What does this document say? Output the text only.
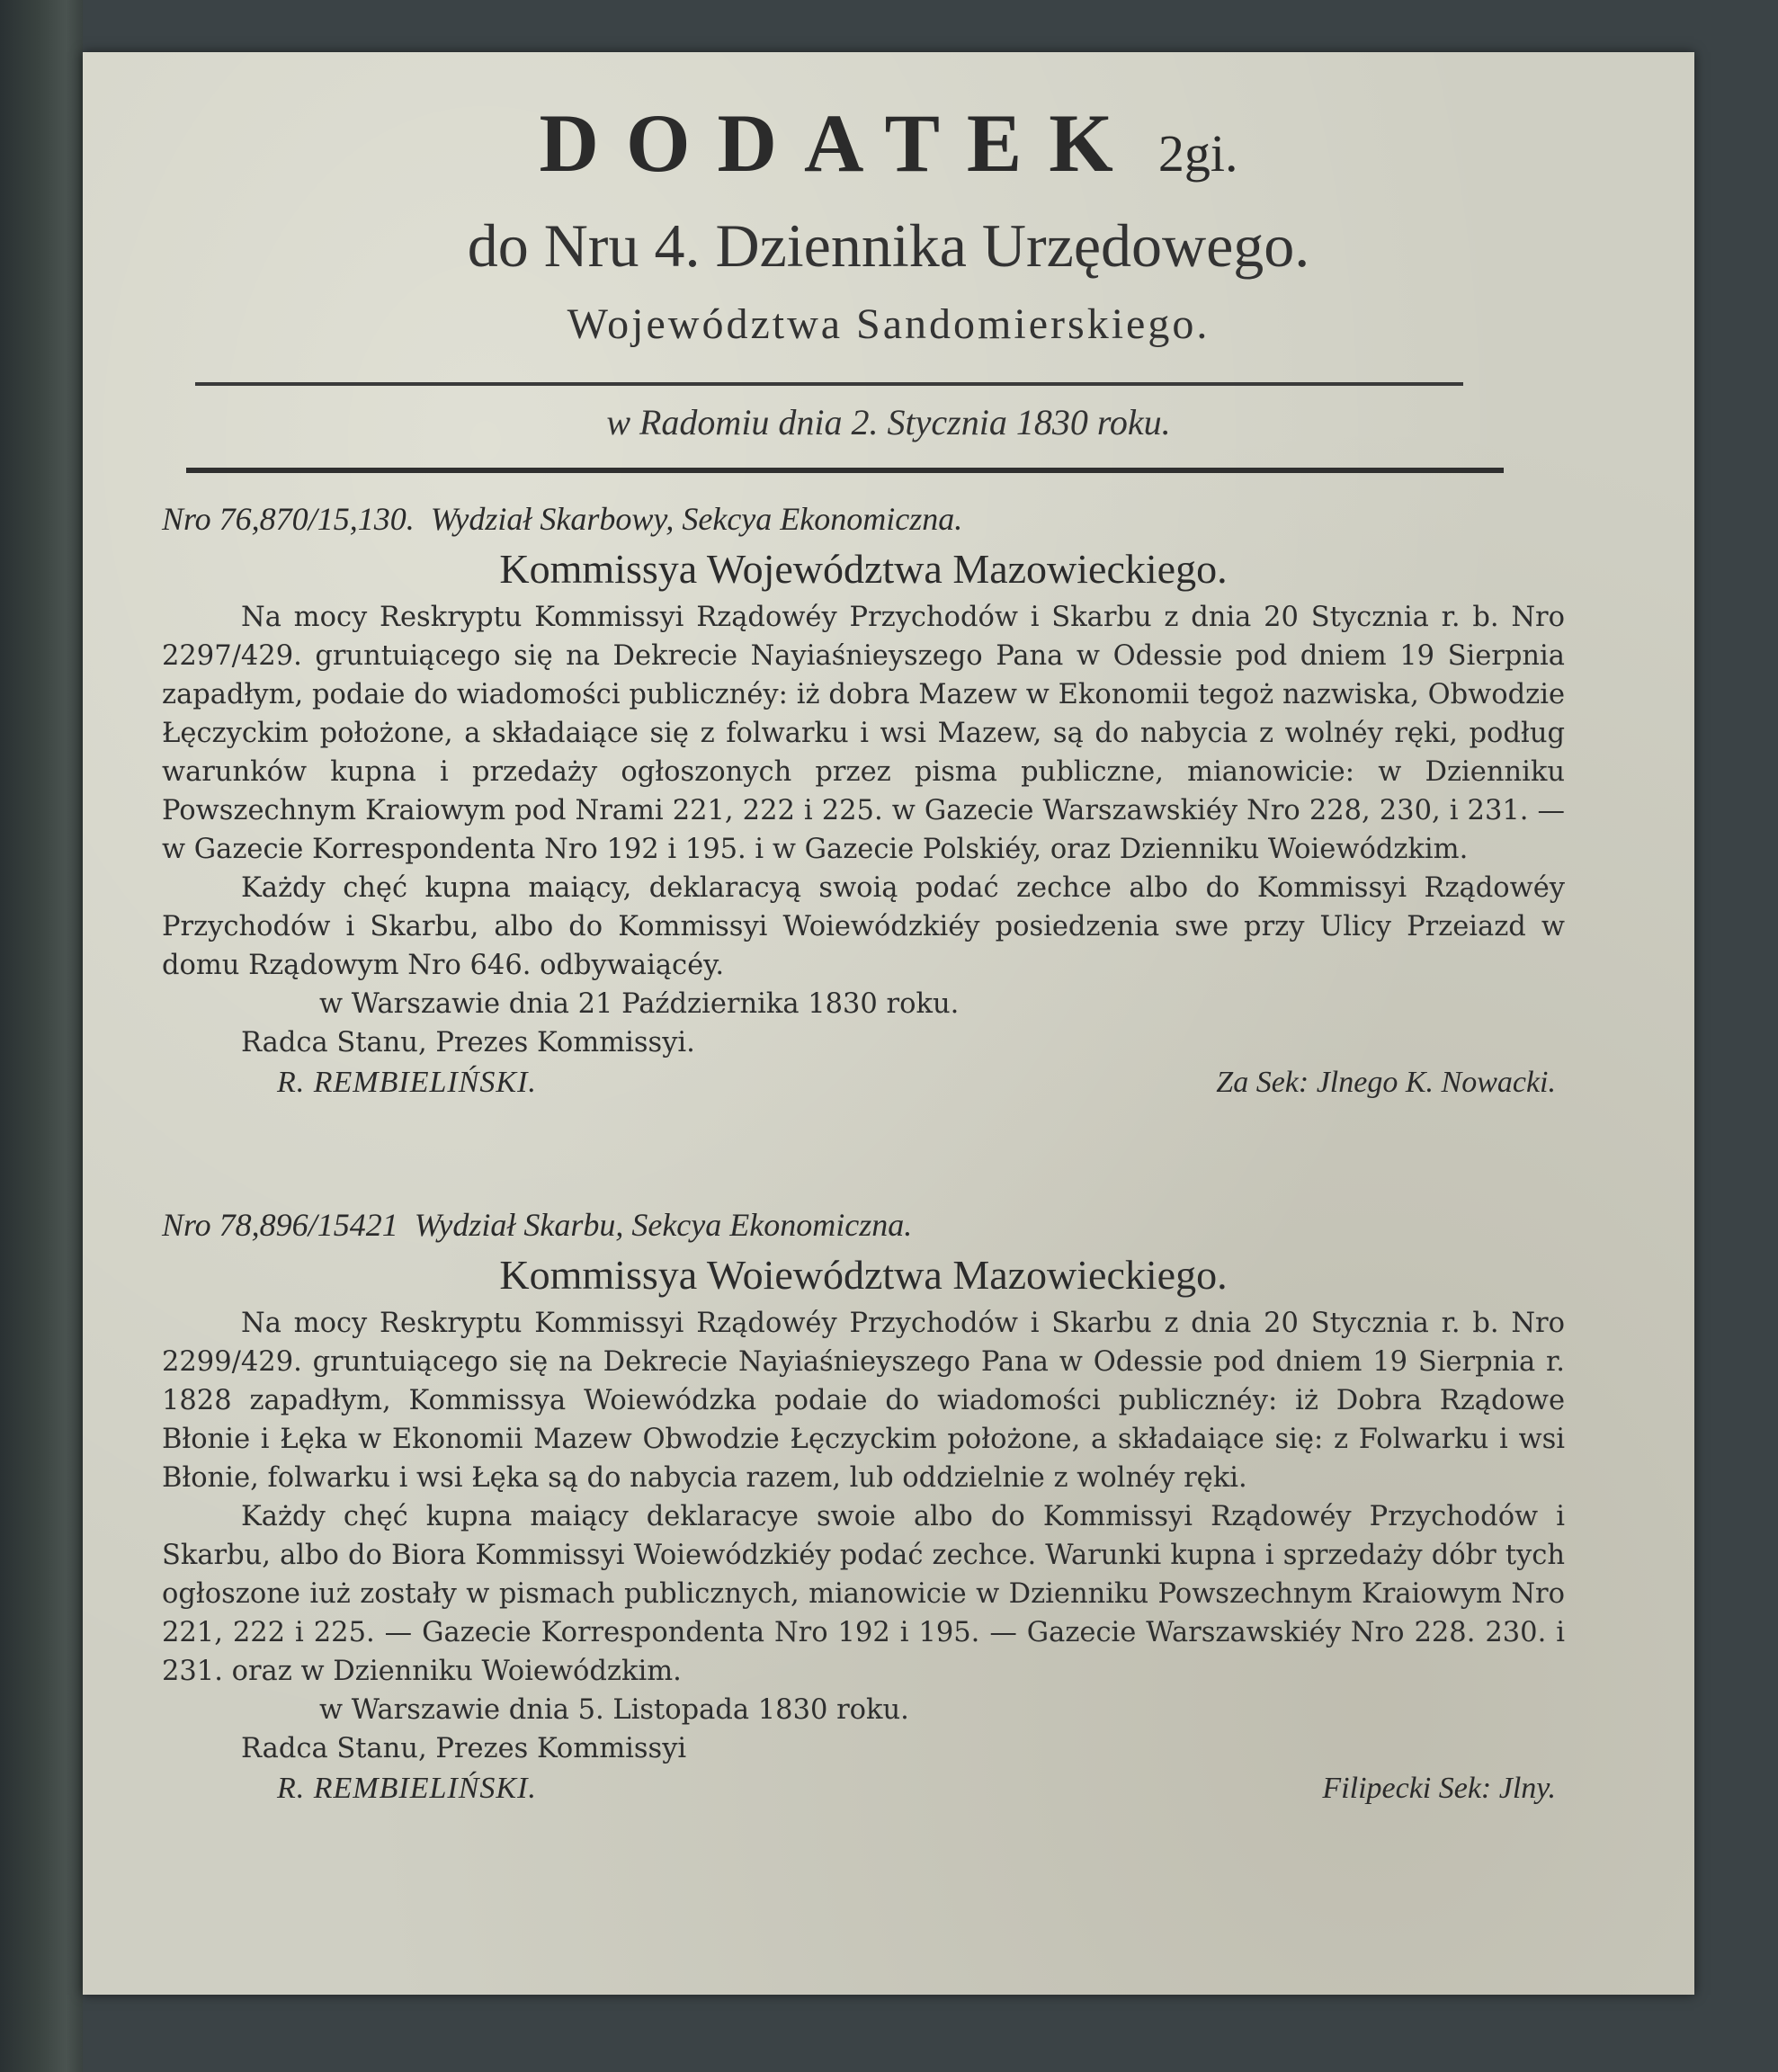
DODATEK 2gi.
do Nru 4. Dziennika Urzędowego.
Województwa Sandomierskiego.
w Radomiu dnia 2. Stycznia 1830 roku.
Nro 76,870/15,130. Wydział Skarbowy, Sekcya Ekonomiczna.
Kommissya Województwa Mazowieckiego.

Na mocy Reskryptu Kommissyi Rządowéy Przychodów i Skarbu z dnia 20 Stycznia r. b. Nro 2297/429. gruntuiącego się na Dekrecie Nayiaśnieyszego Pana w Odessie pod dniem 19 Sierpnia zapadłym, podaie do wiadomości publicznéy: iż dobra Mazew w Ekonomii tegoż nazwiska, Obwodzie Łęczyckim położone, a składaiące się z folwarku i wsi Mazew, są do nabycia z wolnéy ręki, podług warunków kupna i przedaży ogłoszonych przez pisma publiczne, mianowicie: w Dzienniku Powszechnym Kraiowym pod Nrami 221, 222 i 225. w Gazecie Warszawskiéy Nro 228, 230, i 231. — w Gazecie Korrespondenta Nro 192 i 195. i w Gazecie Polskiéy, oraz Dzienniku Woiewódzkim.

Każdy chęć kupna maiący, deklaracyą swoią podać zechce albo do Kommissyi Rządowéy Przychodów i Skarbu, albo do Kommissyi Woiewódzkiéy posiedzenia swe przy Ulicy Przeiazd w domu Rządowym Nro 646. odbywaiącéy.

w Warszawie dnia 21 Października 1830 roku.
Radca Stanu, Prezes Kommissyi.
R. REMBIELIŃSKI.	Za Sek: Jlnego K. Nowacki.
Nro 78,896/15421 Wydział Skarbu, Sekcya Ekonomiczna.
Kommissya Woiewództwa Mazowieckiego.

Na mocy Reskryptu Kommissyi Rządowéy Przychodów i Skarbu z dnia 20 Stycznia r. b. Nro 2299/429. gruntuiącego się na Dekrecie Nayiaśnieyszego Pana w Odessie pod dniem 19 Sierpnia r. 1828 zapadłym, Kommissya Woiewódzka podaie do wiadomości publicznéy: iż Dobra Rządowe Błonie i Łęka w Ekonomii Mazew Obwodzie Łęczyckim położone, a składaiące się: z Folwarku i wsi Błonie, folwarku i wsi Łęka są do nabycia razem, lub oddzielnie z wolnéy ręki.

Każdy chęć kupna maiący deklaracye swoie albo do Kommissyi Rządowéy Przychodów i Skarbu, albo do Biora Kommissyi Woiewódzkiéy podać zechce. Warunki kupna i sprzedaży dóbr tych ogłoszone iuż zostały w pismach publicznych, mianowicie w Dzienniku Powszechnym Kraiowym Nro 221, 222 i 225. — Gazecie Korrespondenta Nro 192 i 195. — Gazecie Warszawskiéy Nro 228. 230. i 231. oraz w Dzienniku Woiewódzkim.

w Warszawie dnia 5. Listopada 1830 roku.
Radca Stanu, Prezes Kommissyi
R. REMBIELIŃSKI.	Filipecki Sek: Jlny.
